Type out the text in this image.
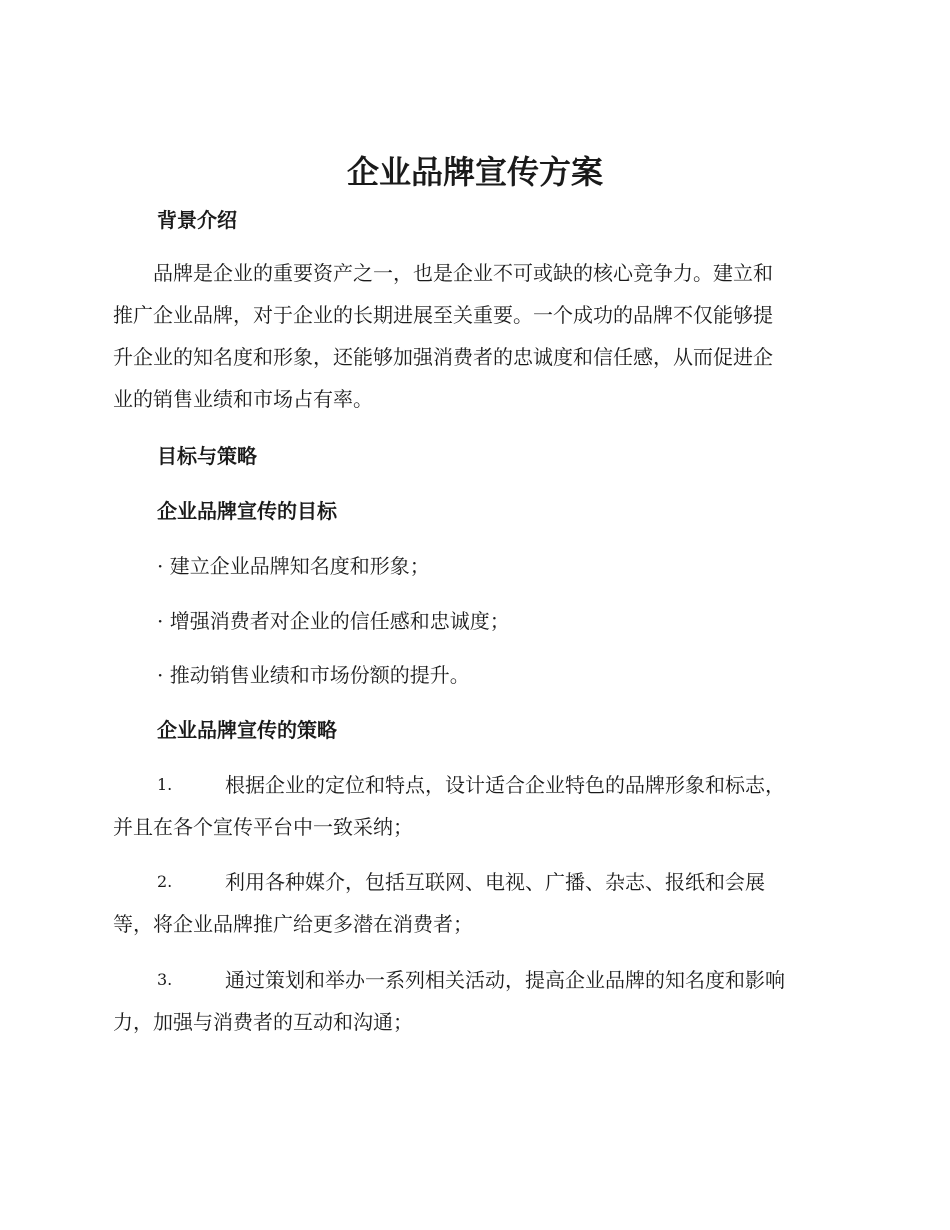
企业品牌宣传方案
背景介绍
　　品牌是企业的重要资产之一，也是企业不可或缺的核心竞争力。建立和
推广企业品牌，对于企业的长期进展至关重要。一个成功的品牌不仅能够提
升企业的知名度和形象，还能够加强消费者的忠诚度和信任感，从而促进企
业的销售业绩和市场占有率。
目标与策略
企业品牌宣传的目标

· 建立企业品牌知名度和形象；

· 增强消费者对企业的信任感和忠诚度；

· 推动销售业绩和市场份额的提升。

企业品牌宣传的策略
1.	根据企业的定位和特点，设计适合企业特色的品牌形象和标志，
并且在各个宣传平台中一致采纳；
2.	利用各种媒介，包括互联网、电视、广播、杂志、报纸和会展
等，将企业品牌推广给更多潜在消费者；
3.	通过策划和举办一系列相关活动，提高企业品牌的知名度和影响
力，加强与消费者的互动和沟通；
